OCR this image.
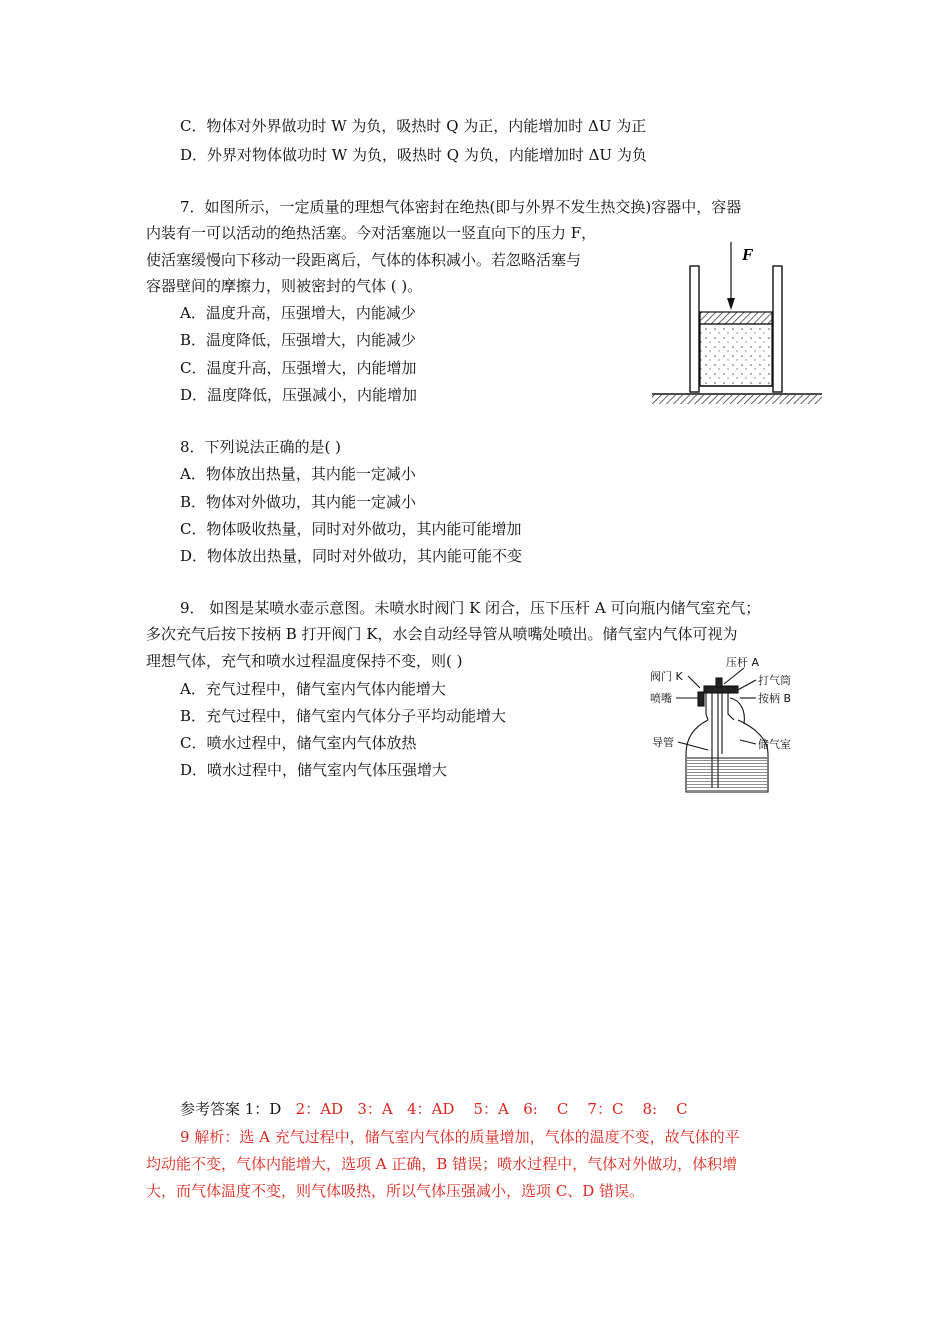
C．物体对外界做功时 W 为负，吸热时 Q 为正，内能增加时 ΔU 为正
D．外界对物体做功时 W 为负，吸热时 Q 为负，内能增加时 ΔU 为负
7．如图所示，一定质量的理想气体密封在绝热(即与外界不发生热交换)容器中，容器
内装有一可以活动的绝热活塞。今对活塞施以一竖直向下的压力 F，
使活塞缓慢向下移动一段距离后，气体的体积减小。若忽略活塞与
容器壁间的摩擦力，则被密封的气体 ( )。
A．温度升高，压强增大，内能减少
B．温度降低，压强增大，内能减少
C．温度升高，压强增大，内能增加
D．温度降低，压强减小，内能增加
F
8．下列说法正确的是( )
A．物体放出热量，其内能一定减小
B．物体对外做功，其内能一定减小
C．物体吸收热量，同时对外做功，其内能可能增加
D．物体放出热量，同时对外做功，其内能可能不变
9． 如图是某喷水壶示意图。未喷水时阀门 K 闭合，压下压杆 A 可向瓶内储气室充气；
多次充气后按下按柄 B 打开阀门 K，水会自动经导管从喷嘴处喷出。储气室内气体可视为
理想气体，充气和喷水过程温度保持不变，则( )
A．充气过程中，储气室内气体内能增大
B．充气过程中，储气室内气体分子平均动能增大
C．喷水过程中，储气室内气体放热
D．喷水过程中，储气室内气体压强增大
压杆 A
阀门 K	打气筒
喷嘴	按柄 B
导管	储气室
参考答案 1：D 2：AD   3：A   4：AD    5：A   6:    C    7：C    8:    C
9 解析：选 A 充气过程中，储气室内气体的质量增加，气体的温度不变，故气体的平
均动能不变，气体内能增大，选项 A 正确，B 错误；喷水过程中，气体对外做功，体积增
大，而气体温度不变，则气体吸热，所以气体压强减小，选项 C、D 错误。
